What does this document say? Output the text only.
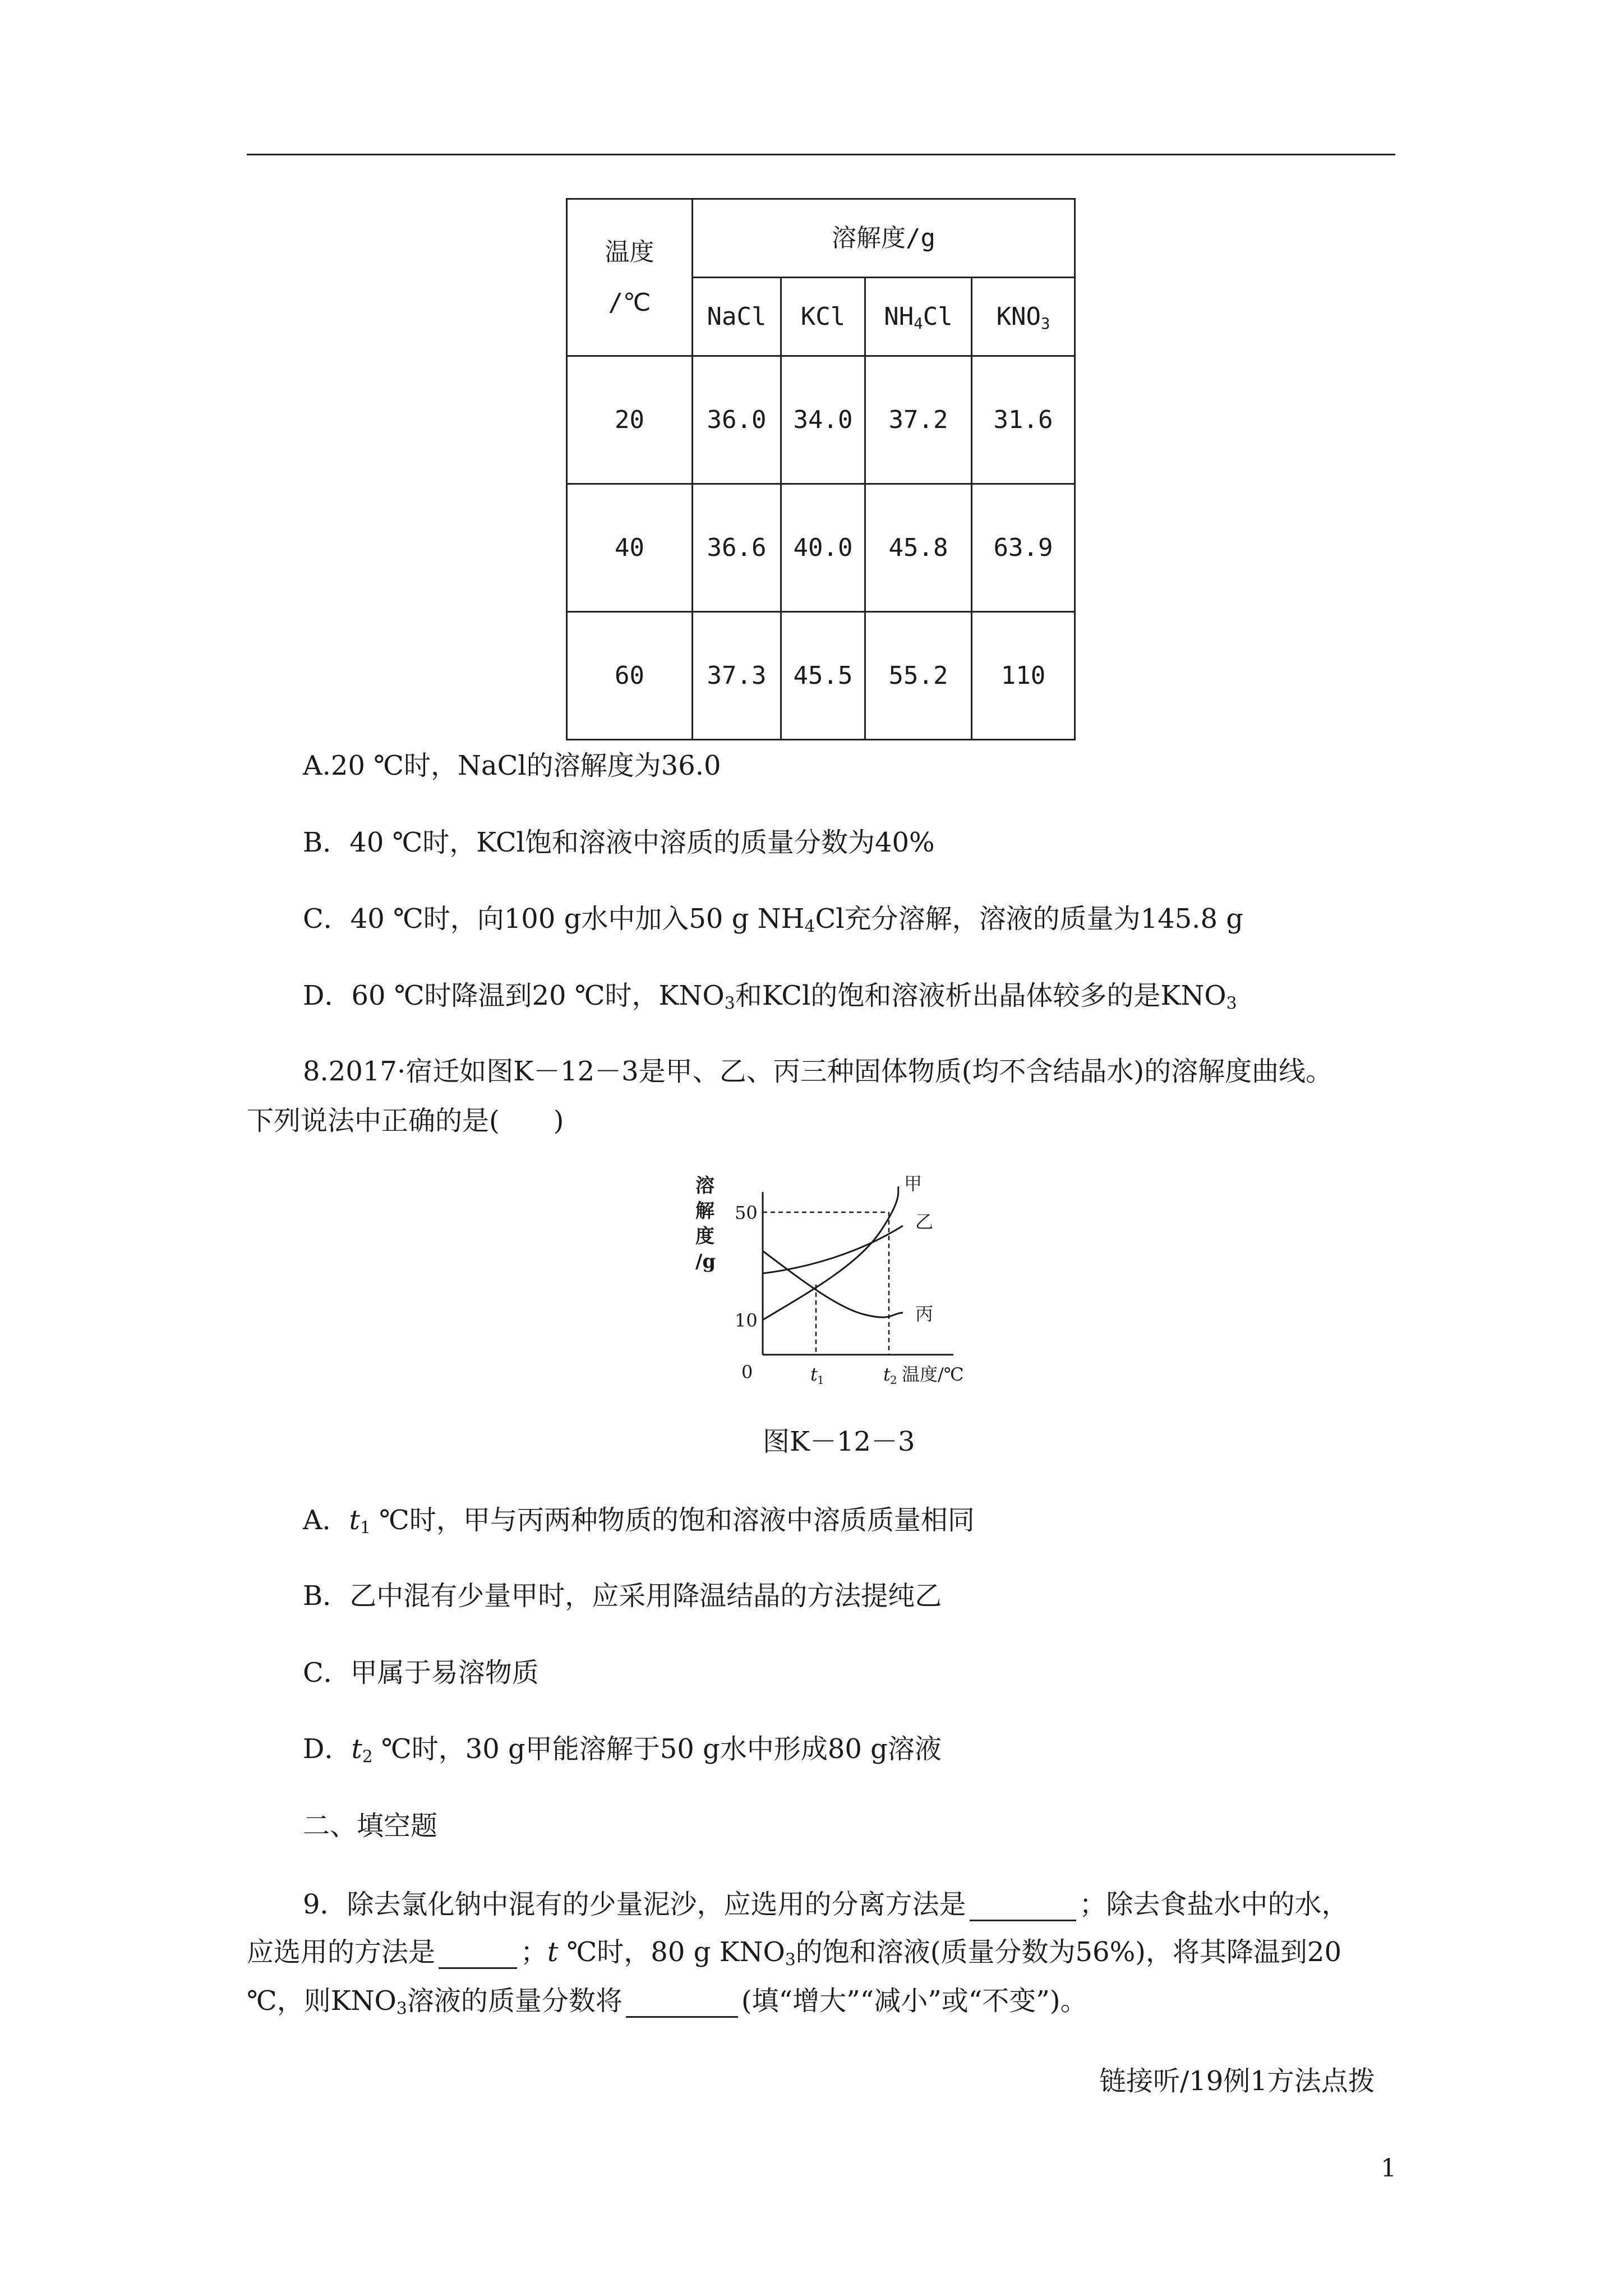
温度
/℃	溶解度/g			
	NaCl	KCl	$NH_4Cl$	$KNO_3$
20	36.0	34.0	37.2	31.6
40	36.6	40.0	45.8	63.9
60	37.3	45.5	55.2	110
A.20 ℃时，NaCl的溶解度为36.0
B．40 ℃时，KCl饱和溶液中溶质的质量分数为40%
C．40 ℃时，向100 g水中加入50 g $NH_4Cl$充分溶解，溶液的质量为145.8 g
D．60 ℃时降温到20 ℃时，$KNO_3$和KCl的饱和溶液析出晶体较多的是$KNO_3$
8.2017·宿迁如图K－12－3是甲、乙、丙三种固体物质(均不含结晶水)的溶解度曲线。
下列说法中正确的是(　　)
溶
解
度
/g
50
10
0	t 1	t 2 温度/℃
甲
乙
丙
图K－12－3
A．$t_1$ ℃时，甲与丙两种物质的饱和溶液中溶质质量相同
B．乙中混有少量甲时，应采用降温结晶的方法提纯乙
C．甲属于易溶物质
D．$t_2$ ℃时，30 g甲能溶解于50 g水中形成80 g溶液
二、填空题
9．除去氯化钠中混有的少量泥沙，应选用的分离方法是	；除去食盐水中的水，
应选用的方法是	；t ℃时，80 g $KNO_3$的饱和溶液(质量分数为56%)，将其降温到20
℃，则$KNO_3$溶液的质量分数将	(填“增大”“减小”或“不变”)。
链接听/19例1方法点拨
1
